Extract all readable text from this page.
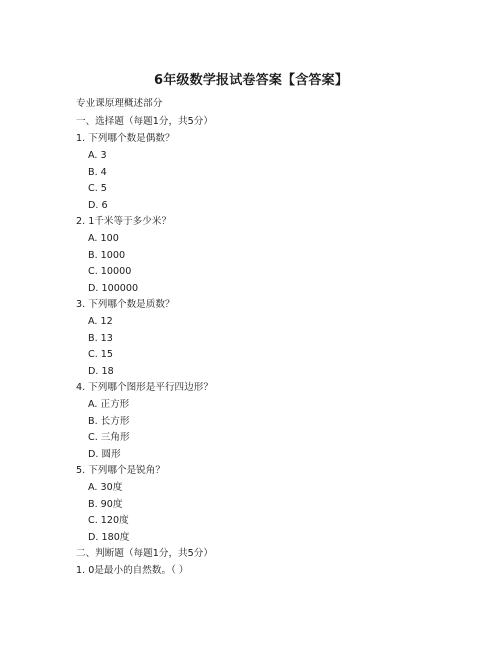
6年级数学报试卷答案【含答案】
专业课原理概述部分
一、选择题（每题1分，共5分）
1. 下列哪个数是偶数？
A. 3
B. 4
C. 5
D. 6
2. 1千米等于多少米？
A. 100
B. 1000
C. 10000
D. 100000
3. 下列哪个数是质数？
A. 12
B. 13
C. 15
D. 18
4. 下列哪个图形是平行四边形？
A. 正方形
B. 长方形
C. 三角形
D. 圆形
5. 下列哪个是锐角？
A. 30度
B. 90度
C. 120度
D. 180度
二、判断题（每题1分，共5分）
1. 0是最小的自然数。（ ）
